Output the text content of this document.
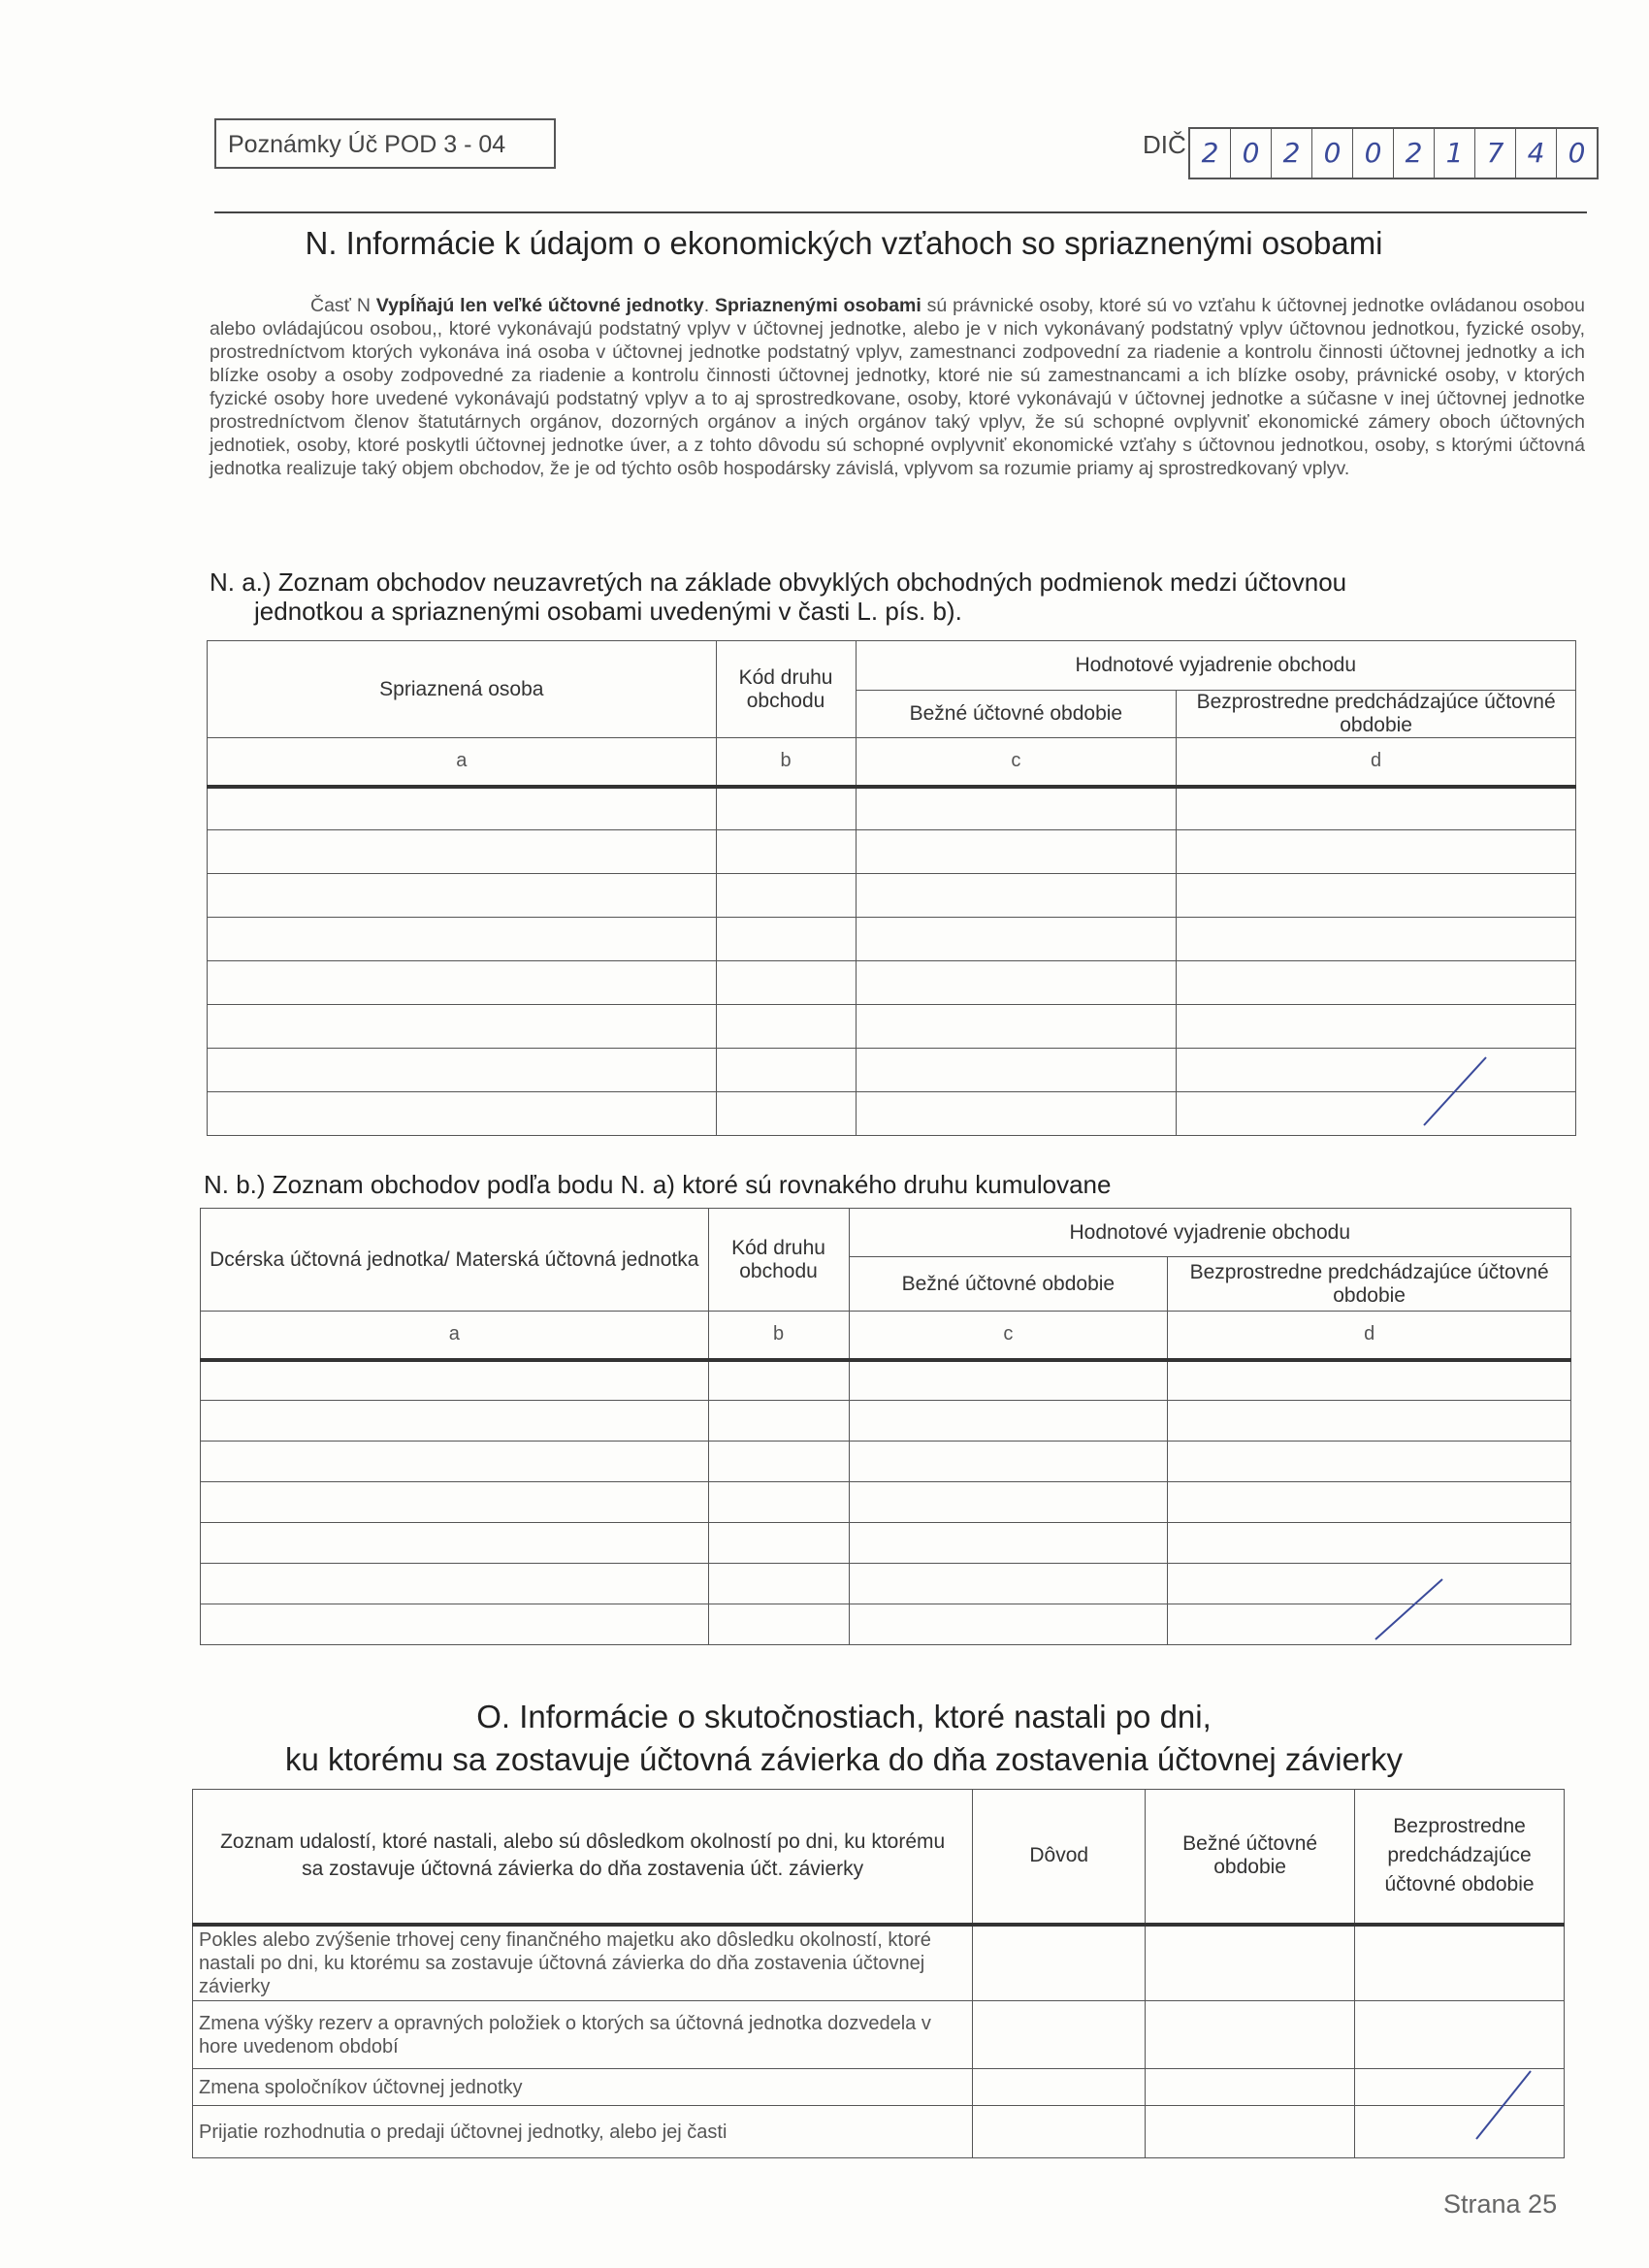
Poznámky Úč POD 3 - 04	DIČ 2 0 2 0 0 2 1 7 4 0
N. Informácie k údajom o ekonomických vzťahoch so spriaznenými osobami
Časť N Vypĺňajú len veľké účtovné jednotky. Spriaznenými osobami sú právnické osoby, ktoré sú vo vzťahu k účtovnej jednotke ovládanou osobou alebo ovládajúcou osobou,, ktoré vykonávajú podstatný vplyv v účtovnej jednotke, alebo je v nich vykonávaný podstatný vplyv účtovnou jednotkou, fyzické osoby, prostredníctvom ktorých vykonáva iná osoba v účtovnej jednotke podstatný vplyv, zamestnanci zodpovední za riadenie a kontrolu činnosti účtovnej jednotky a ich blízke osoby a osoby zodpovedné za riadenie a kontrolu činnosti účtovnej jednotky, ktoré nie sú zamestnancami a ich blízke osoby, právnické osoby, v ktorých fyzické osoby hore uvedené vykonávajú podstatný vplyv a to aj sprostredkovane, osoby, ktoré vykonávajú v účtovnej jednotke a súčasne v inej účtovnej jednotke prostredníctvom členov štatutárnych orgánov, dozorných orgánov a iných orgánov taký vplyv, že sú schopné ovplyvniť ekonomické zámery oboch účtovných jednotiek, osoby, ktoré poskytli účtovnej jednotke úver, a z tohto dôvodu sú schopné ovplyvniť ekonomické vzťahy s účtovnou jednotkou, osoby, s ktorými účtovná jednotka realizuje taký objem obchodov, že je od týchto osôb hospodársky závislá, vplyvom sa rozumie priamy aj sprostredkovaný vplyv.
N. a.) Zoznam obchodov neuzavretých na základe obvyklých obchodných podmienok medzi účtovnou
jednotkou a spriaznenými osobami uvedenými v časti L. pís. b).
Spriaznená osoba	Kód druhu obchodu	Hodnotové vyjadrenie obchodu	
		Bežné účtovné obdobie	Bezprostredne predchádzajúce účtovné obdobie
a	b	c	d

N. b.) Zoznam obchodov podľa bodu N. a) ktoré sú rovnakého druhu kumulovane
Dcérska účtovná jednotka/ Materská účtovná jednotka	Kód druhu obchodu	Hodnotové vyjadrenie obchodu	
		Bežné účtovné obdobie	Bezprostredne predchádzajúce účtovné obdobie
a	b	c	d

O. Informácie o skutočnostiach, ktoré nastali po dni,
ku ktorému sa zostavuje účtovná závierka do dňa zostavenia účtovnej závierky
Zoznam udalostí, ktoré nastali, alebo sú dôsledkom okolností po dni, ku ktorému sa zostavuje účtovná závierka do dňa zostavenia účt. závierky	Dôvod	Bežné účtovné obdobie	Bezprostredne predchádzajúce účtovné obdobie
Pokles alebo zvýšenie trhovej ceny finančného majetku ako dôsledku okolností, ktoré nastali po dni, ku ktorému sa zostavuje účtovná závierka do dňa zostavenia účtovnej závierky			
Zmena výšky rezerv a opravných položiek o ktorých sa účtovná jednotka dozvedela v hore uvedenom období			
Zmena spoločníkov účtovnej jednotky			
Prijatie rozhodnutia o predaji účtovnej jednotky, alebo jej časti			
Strana 25
